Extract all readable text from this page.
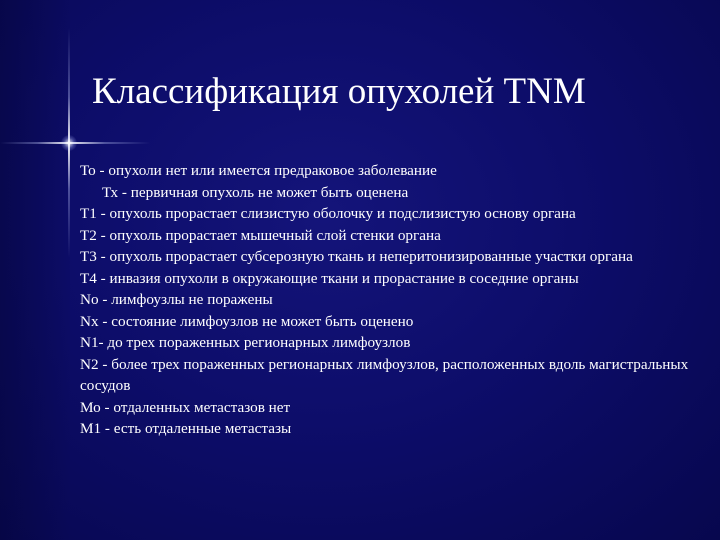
Классификация опухолей TNM
То - опухоли нет или имеется предраковое заболевание
Тх - первичная опухоль не может быть оценена
Т1 - опухоль прорастает слизистую оболочку и подслизистую основу органа
Т2 - опухоль прорастает мышечный слой стенки органа
Т3 - опухоль прорастает субсерозную ткань и неперитонизированные участки органа
Т4 - инвазия опухоли в окружающие ткани и прорастание в соседние органы
Nо - лимфоузлы не поражены
Nх - состояние лимфоузлов не может быть оценено
N1- до трех пораженных регионарных лимфоузлов
N2 - более трех пораженных регионарных лимфоузлов, расположенных вдоль магистральных сосудов
Мо - отдаленных метастазов нет
М1 - есть отдаленные метастазы
